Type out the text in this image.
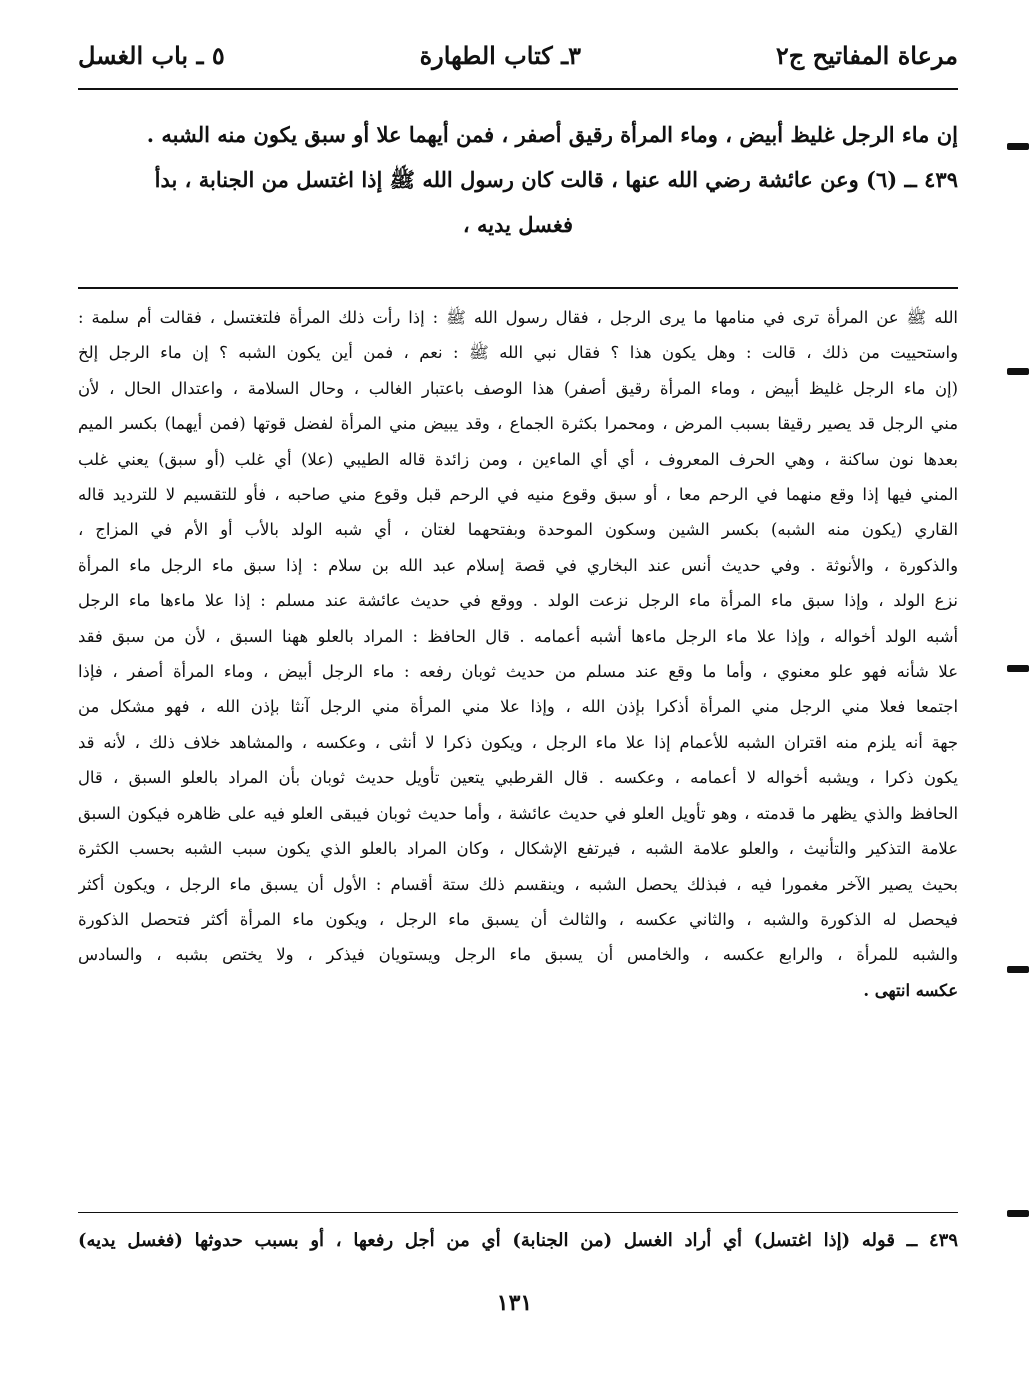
مرعاة المفاتيح ج٢
٣ـ كتاب الطهارة
٥ ـ باب الغسل

إن ماء الرجل غليظ أبيض ، وماء المرأة رقيق أصفر ، فمن أيهما علا أو سبق يكون منه الشبه .

٤٣٩ ــ (٦) وعن عائشة رضي الله عنها ، قالت كان رسول الله ﷺ إذا اغتسل من الجنابة ، بدأ

فغسل يديه ،

الله ﷺ عن المرأة ترى في منامها ما يرى الرجل ، فقال رسول الله ﷺ : إذا رأت ذلك المرأة فلتغتسل ، فقالت أم سلمة :
واستحييت من ذلك ، قالت : وهل يكون هذا ؟ فقال نبي الله ﷺ : نعم ، فمن أين يكون الشبه ؟ إن ماء الرجل إلخ
(إن ماء الرجل غليظ أبيض ، وماء المرأة رقيق أصفر) هذا الوصف باعتبار الغالب ، وحال السلامة ، واعتدال الحال ، لأن
مني الرجل قد يصير رقيقا بسبب المرض ، ومحمرا بكثرة الجماع ، وقد يبيض مني المرأة لفضل قوتها (فمن أيهما) بكسر الميم
بعدها نون ساكنة ، وهي الحرف المعروف ، أي أي الماءين ، ومن زائدة قاله الطيبي (علا) أي غلب (أو سبق) يعني غلب
المني فيها إذا وقع منهما في الرحم معا ، أو سبق وقوع منيه في الرحم قبل وقوع مني صاحبه ، فأو للتقسيم لا للترديد قاله
القاري (يكون منه الشبه) بكسر الشين وسكون الموحدة وبفتحهما لغتان ، أي شبه الولد بالأب أو الأم في المزاج ،
والذكورة ، والأنوثة . وفي حديث أنس عند البخاري في قصة إسلام عبد الله بن سلام : إذا سبق ماء الرجل ماء المرأة
نزع الولد ، وإذا سبق ماء المرأة ماء الرجل نزعت الولد . ووقع في حديث عائشة عند مسلم : إذا علا ماءها ماء الرجل
أشبه الولد أخواله ، وإذا علا ماء الرجل ماءها أشبه أعمامه . قال الحافظ : المراد بالعلو ههنا السبق ، لأن من سبق فقد
علا شأنه فهو علو معنوي ، وأما ما وقع عند مسلم من حديث ثوبان رفعه : ماء الرجل أبيض ، وماء المرأة أصفر ، فإذا
اجتمعا فعلا مني الرجل مني المرأة أذكرا بإذن الله ، وإذا علا مني المرأة مني الرجل آنثا بإذن الله ، فهو مشكل من
جهة أنه يلزم منه اقتران الشبه للأعمام إذا علا ماء الرجل ، ويكون ذكرا لا أنثى ، وعكسه ، والمشاهد خلاف ذلك ، لأنه قد
يكون ذكرا ، ويشبه أخواله لا أعمامه ، وعكسه . قال القرطبي يتعين تأويل حديث ثوبان بأن المراد بالعلو السبق ، قال
الحافظ والذي يظهر ما قدمته ، وهو تأويل العلو في حديث عائشة ، وأما حديث ثوبان فيبقى العلو فيه على ظاهره فيكون السبق
علامة التذكير والتأنيث ، والعلو علامة الشبه ، فيرتفع الإشكال ، وكان المراد بالعلو الذي يكون سبب الشبه بحسب الكثرة
بحيث يصير الآخر مغمورا فيه ، فبذلك يحصل الشبه ، وينقسم ذلك ستة أقسام : الأول أن يسبق ماء الرجل ، ويكون أكثر
فيحصل له الذكورة والشبه ، والثاني عكسه ، والثالث أن يسبق ماء الرجل ، ويكون ماء المرأة أكثر فتحصل الذكورة
والشبه للمرأة ، والرابع عكسه ، والخامس أن يسبق ماء الرجل ويستويان فيذكر ، ولا يختص بشبه ، والسادس
عكسه انتهى .
٤٣٩ ــ قوله (إذا اغتسل) أي أراد الغسل (من الجنابة) أي من أجل رفعها ، أو بسبب حدوثها (فغسل يديه)
١٣١
